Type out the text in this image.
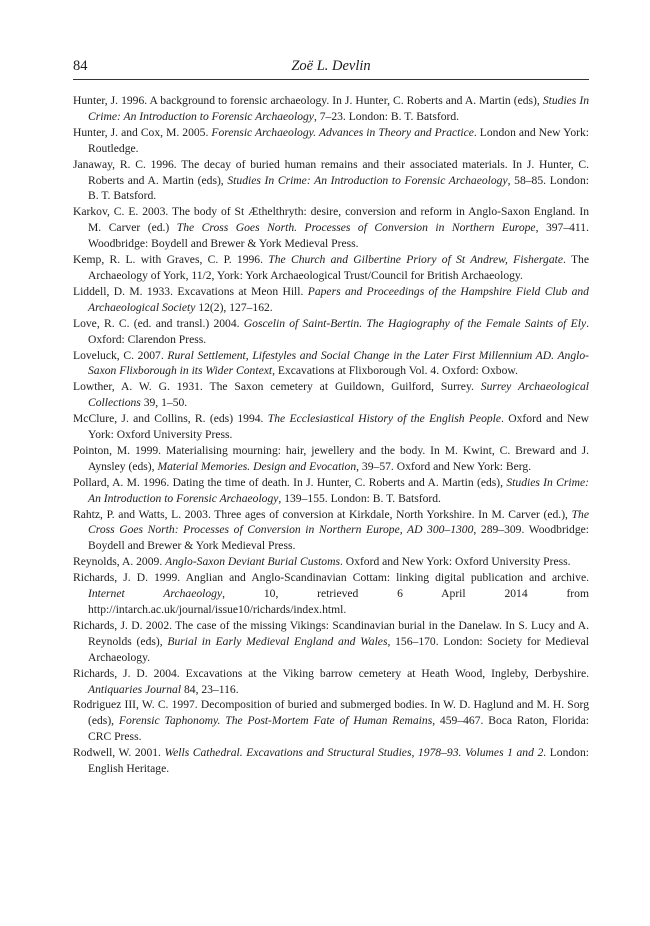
84	Zoë L. Devlin
Hunter, J. 1996. A background to forensic archaeology. In J. Hunter, C. Roberts and A. Martin (eds), Studies In Crime: An Introduction to Forensic Archaeology, 7–23. London: B. T. Batsford.
Hunter, J. and Cox, M. 2005. Forensic Archaeology. Advances in Theory and Practice. London and New York: Routledge.
Janaway, R. C. 1996. The decay of buried human remains and their associated materials. In J. Hunter, C. Roberts and A. Martin (eds), Studies In Crime: An Introduction to Forensic Archaeology, 58–85. London: B. T. Batsford.
Karkov, C. E. 2003. The body of St Æthelthryth: desire, conversion and reform in Anglo-Saxon England. In M. Carver (ed.) The Cross Goes North. Processes of Conversion in Northern Europe, 397–411. Woodbridge: Boydell and Brewer & York Medieval Press.
Kemp, R. L. with Graves, C. P. 1996. The Church and Gilbertine Priory of St Andrew, Fishergate. The Archaeology of York, 11/2, York: York Archaeological Trust/Council for British Archaeology.
Liddell, D. M. 1933. Excavations at Meon Hill. Papers and Proceedings of the Hampshire Field Club and Archaeological Society 12(2), 127–162.
Love, R. C. (ed. and transl.) 2004. Goscelin of Saint-Bertin. The Hagiography of the Female Saints of Ely. Oxford: Clarendon Press.
Loveluck, C. 2007. Rural Settlement, Lifestyles and Social Change in the Later First Millennium AD. Anglo-Saxon Flixborough in its Wider Context, Excavations at Flixborough Vol. 4. Oxford: Oxbow.
Lowther, A. W. G. 1931. The Saxon cemetery at Guildown, Guilford, Surrey. Surrey Archaeological Collections 39, 1–50.
McClure, J. and Collins, R. (eds) 1994. The Ecclesiastical History of the English People. Oxford and New York: Oxford University Press.
Pointon, M. 1999. Materialising mourning: hair, jewellery and the body. In M. Kwint, C. Breward and J. Aynsley (eds), Material Memories. Design and Evocation, 39–57. Oxford and New York: Berg.
Pollard, A. M. 1996. Dating the time of death. In J. Hunter, C. Roberts and A. Martin (eds), Studies In Crime: An Introduction to Forensic Archaeology, 139–155. London: B. T. Batsford.
Rahtz, P. and Watts, L. 2003. Three ages of conversion at Kirkdale, North Yorkshire. In M. Carver (ed.), The Cross Goes North: Processes of Conversion in Northern Europe, AD 300–1300, 289–309. Woodbridge: Boydell and Brewer & York Medieval Press.
Reynolds, A. 2009. Anglo-Saxon Deviant Burial Customs. Oxford and New York: Oxford University Press.
Richards, J. D. 1999. Anglian and Anglo-Scandinavian Cottam: linking digital publication and archive. Internet Archaeology, 10, retrieved 6 April 2014 from http://intarch.ac.uk/journal/issue10/richards/index.html.
Richards, J. D. 2002. The case of the missing Vikings: Scandinavian burial in the Danelaw. In S. Lucy and A. Reynolds (eds), Burial in Early Medieval England and Wales, 156–170. London: Society for Medieval Archaeology.
Richards, J. D. 2004. Excavations at the Viking barrow cemetery at Heath Wood, Ingleby, Derbyshire. Antiquaries Journal 84, 23–116.
Rodriguez III, W. C. 1997. Decomposition of buried and submerged bodies. In W. D. Haglund and M. H. Sorg (eds), Forensic Taphonomy. The Post-Mortem Fate of Human Remains, 459–467. Boca Raton, Florida: CRC Press.
Rodwell, W. 2001. Wells Cathedral. Excavations and Structural Studies, 1978–93. Volumes 1 and 2. London: English Heritage.
